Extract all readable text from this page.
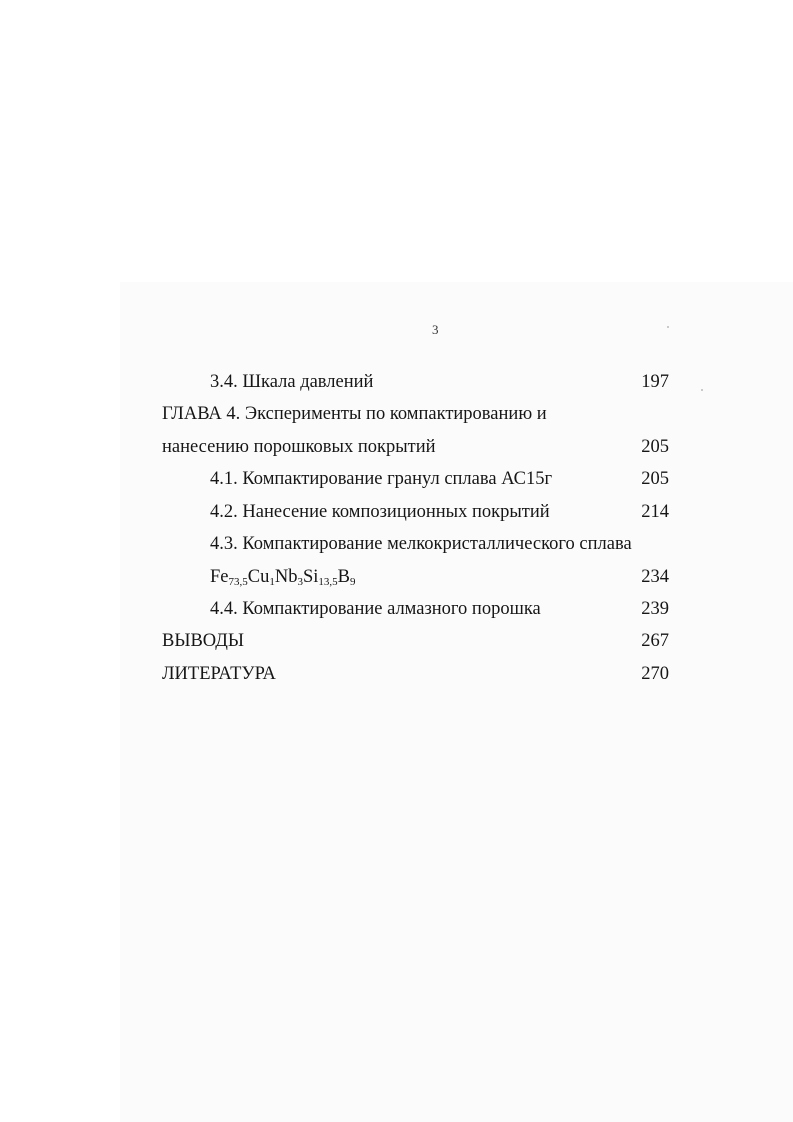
3
3.4. Шкала давлений	197
ГЛАВА 4. Эксперименты по компактированию и
нанесению порошковых покрытий	205
4.1. Компактирование гранул сплава АС15г	205
4.2. Нанесение композиционных покрытий	214
4.3. Компактирование мелкокристаллического сплава
$Fe_{73,5}Cu_1Nb_3Si_{13,5}B_9$	234
4.4. Компактирование алмазного порошка	239
ВЫВОДЫ	267
ЛИТЕРАТУРА	270
